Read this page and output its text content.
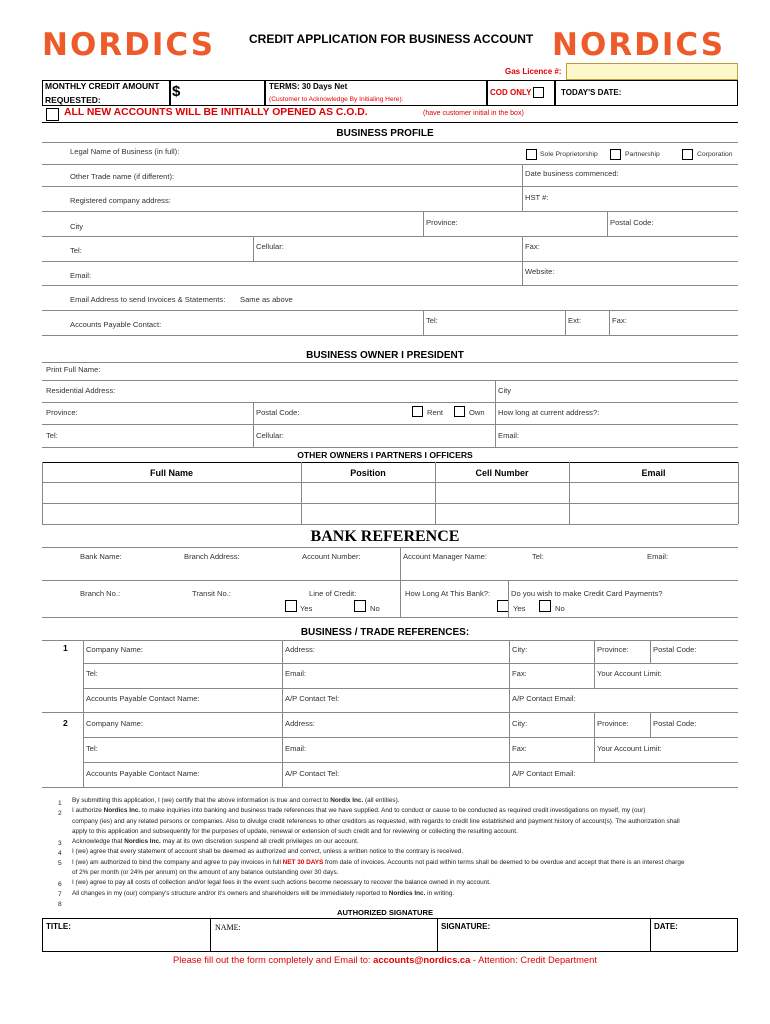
NORDICS	CREDIT APPLICATION FOR BUSINESS ACCOUNT NORDICS
Gas Licence #:
MONTHLY CREDIT AMOUNT
REQUESTED:	$	TERMS: 30 Days Net
(Customer to Acknowledge By Initialing Here):
COD ONLY	TODAY'S DATE:
ALL NEW ACCOUNTS WILL BE INITIALLY OPENED AS C.O.D.	(have customer initial in the box)
BUSINESS PROFILE
Legal Name of Business (in full):	Sole Proprietorship	Partnership	Corporation
Other Trade name (if different):	Date business commenced:
Registered company address:	HST #:
City	Province:	Postal Code:
Tel:	Cellular:	Fax:
Email:	Website:
Email Address to send Invoices & Statements: Same as above
Accounts Payable Contact:	Tel:	Ext:	Fax:
BUSINESS OWNER I PRESIDENT
Print Full Name:
Residential Address:	City
Province:	Postal Code:	Rent	Own How long at current address?:
Tel:	Cellular:	Email:
OTHER OWNERS I PARTNERS I OFFICERS
Full Name	Position	Cell Number	Email
BANK REFERENCE
Bank Name:	Branch Address:	Account Number:	Account Manager Name:	Tel:	Email:
Branch No.:	Transit No.:	Line of Credit:
Yes	No
How Long At This Bank?:	Do you wish to make Credit Card Payments?
Yes	No
BUSINESS / TRADE REFERENCES:
1 Company Name:	Address:	City:	Province:	Postal Code:
Tel:	Email:	Fax:	Your Account Limit:
Accounts Payable Contact Name:	A/P Contact Tel:	A/P Contact Email:
2 Company Name:	Address:	City:	Province:	Postal Code:
Tel:	Email:	Fax:	Your Account Limit:
Accounts Payable Contact Name:	A/P Contact Tel:	A/P Contact Email:
1
2
3
4
5
6
7
8
By submitting this application, I (we) certify that the above information is true and correct to Nordix Inc. (all entities).
I authorize Nordics Inc. to make inquiries into banking and business trade references that we have supplied. And to conduct or cause to be conducted as required credit investigations on myself, my (our)
company (ies) and any related persons or companies. Also to divulge credit references to other creditors as requested, with regards to credit line established and payment history of account(s). The authorization shall
apply to this application and subsequently for the purposes of update, renewal or extension of such credit and for reviewing or collecting the resulting account.
Acknowledge that Nordics Inc. may at its own discretion suspend all credit privileges on our account.
I (we) agree that every statement of account shall be deemed as authorized and correct, unless a written notice to the contrary is received.
I (we) am authorized to bind the company and agree to pay invoices in full NET 30 DAYS from date of invoices. Accounts not paid within terms shall be deemed to be overdue and accept that there is an interest charge
of 2% per month (or 24% per annum) on the amount of any balance outstanding over 30 days.
I (we) agree to pay all costs of collection and/or legal fees in the event such actions become necessary to recover the balance owned in my account.
All changes in my (our) company's structure and/or it's owners and shareholders will be immediately reported to Nordics Inc. in writing.
AUTHORIZED SIGNATURE
TITLE:	NAME:	SIGNATURE:	DATE:
Please fill out the form completely and Email to: accounts@nordics.ca - Attention: Credit Department
